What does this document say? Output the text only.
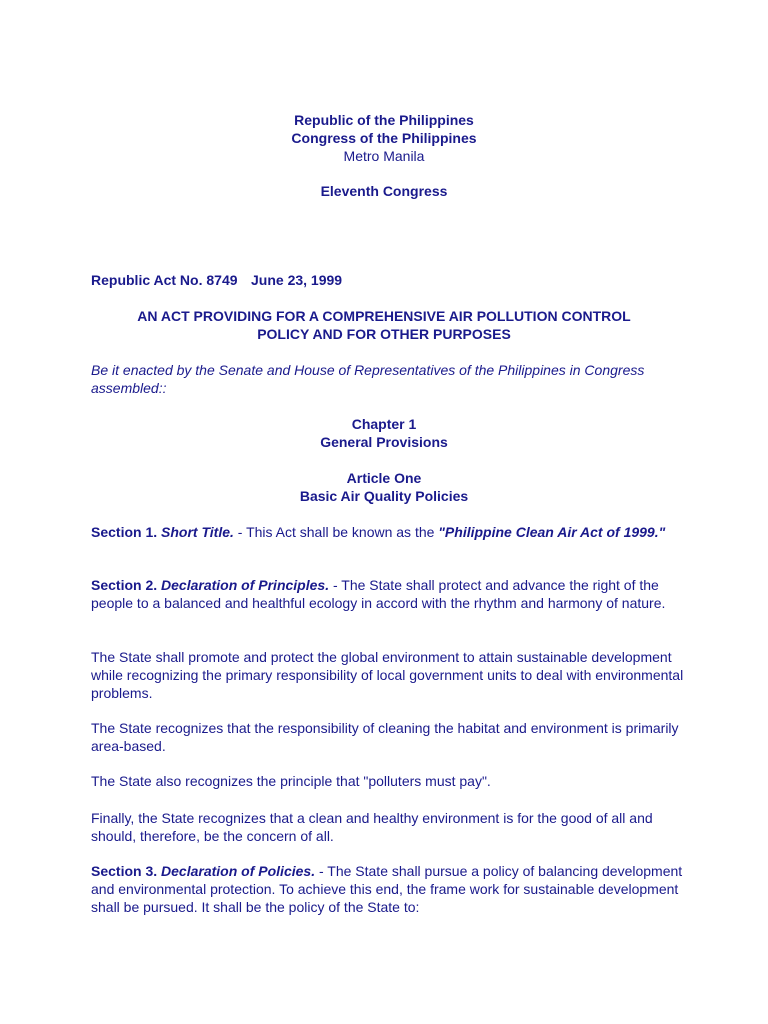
Republic of the Philippines
Congress of the Philippines
Metro Manila
Eleventh Congress
Republic Act No. 8749 June 23, 1999
AN ACT PROVIDING FOR A COMPREHENSIVE AIR POLLUTION CONTROL
POLICY AND FOR OTHER PURPOSES
Be it enacted by the Senate and House of Representatives of the Philippines in Congress assembled::
Chapter 1
General Provisions
Article One
Basic Air Quality Policies
Section 1. Short Title. - This Act shall be known as the "Philippine Clean Air Act of 1999."
Section 2. Declaration of Principles. - The State shall protect and advance the right of the people to a balanced and healthful ecology in accord with the rhythm and harmony of nature.
The State shall promote and protect the global environment to attain sustainable development while recognizing the primary responsibility of local government units to deal with environmental problems.
The State recognizes that the responsibility of cleaning the habitat and environment is primarily area-based.
The State also recognizes the principle that "polluters must pay".
Finally, the State recognizes that a clean and healthy environment is for the good of all and should, therefore, be the concern of all.
Section 3. Declaration of Policies. - The State shall pursue a policy of balancing development and environmental protection. To achieve this end, the frame work for sustainable development shall be pursued. It shall be the policy of the State to:
